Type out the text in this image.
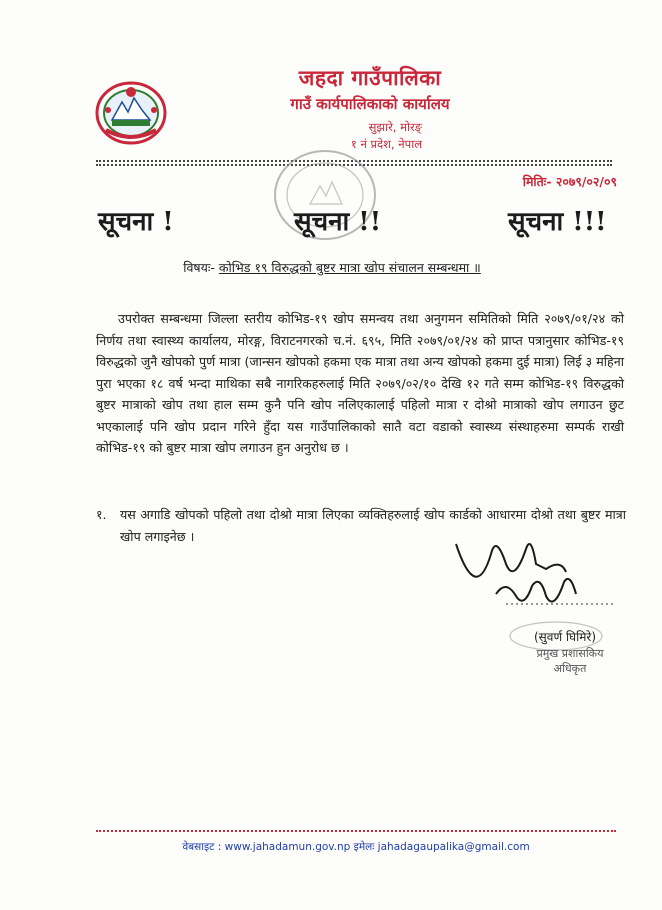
जहदा गाउँपालिका
गाउँ कार्यपालिकाको कार्यालय
सुझारे, मोरङ्
१ नं प्रदेश, नेपाल
मितिः- २०७९/०२/०९
सूचना !	सूचना !!	सूचना !!!
विषयः- कोभिड १९ विरुद्धको बुष्टर मात्रा खोप संचालन सम्बन्धमा ॥
उपरोक्त सम्बन्धमा जिल्ला स्तरीय कोभिड-१९ खोप समन्वय तथा अनुगमन समितिको मिति २०७९/०१/२४ को निर्णय तथा स्वास्थ्य कार्यालय, मोरङ्ग, विराटनगरको च.नं. ६९५, मिति २०७९/०१/२४ को प्राप्त पत्रानुसार कोभिड-१९ विरुद्धको जुनै खोपको पुर्ण मात्रा (जान्सन खोपको हकमा एक मात्रा तथा अन्य खोपको हकमा दुई मात्रा) लिई ३ महिना पुरा भएका १८ वर्ष भन्दा माथिका सबै नागरिकहरुलाई मिति २०७९/०२/१० देखि १२ गते सम्म कोभिड-१९ विरुद्धको बुष्टर मात्राको खोप तथा हाल सम्म कुनै पनि खोप नलिएकालाई पहिलो मात्रा र दोश्रो मात्राको खोप लगाउन छुट भएकालाई पनि खोप प्रदान गरिने हुँदा यस गाउँपालिकाको सातै वटा वडाको स्वास्थ्य संस्थाहरुमा सम्पर्क राखी कोभिड-१९ को बुष्टर मात्रा खोप लगाउन हुन अनुरोध छ ।
१.	यस अगाडि खोपको पहिलो तथा दोश्रो मात्रा लिएका व्यक्तिहरुलाई खोप कार्डको आधारमा दोश्रो तथा बुष्टर मात्रा खोप लगाइनेछ ।
(सुवर्ण घिमिरे)
प्रमुख प्रशासकिय अधिकृत
वेबसाइट : www.jahadamun.gov.np इमेलः jahadagaupalika@gmail.com
